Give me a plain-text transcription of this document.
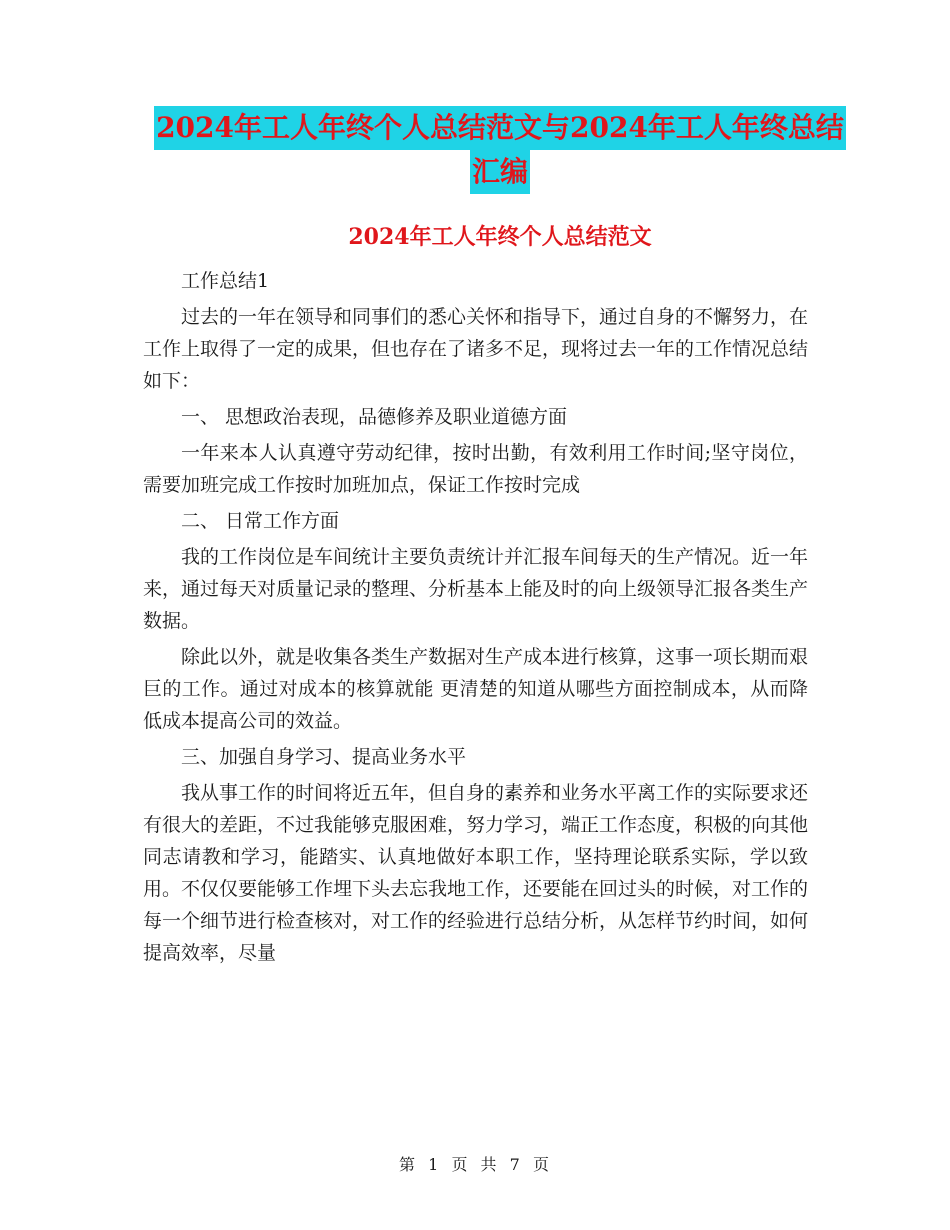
2024年工人年终个人总结范文与2024年工人年终总结
汇编
2024年工人年终个人总结范文

工作总结1

过去的一年在领导和同事们的悉心关怀和指导下，通过自身的不懈努力，在工作上取得了一定的成果，但也存在了诸多不足，现将过去一年的工作情况总结如下：

一、 思想政治表现，品德修养及职业道德方面

一年来本人认真遵守劳动纪律，按时出勤，有效利用工作时间;坚守岗位，需要加班完成工作按时加班加点，保证工作按时完成

二、 日常工作方面

我的工作岗位是车间统计主要负责统计并汇报车间每天的生产情况。近一年来，通过每天对质量记录的整理、分析基本上能及时的向上级领导汇报各类生产数据。

除此以外，就是收集各类生产数据对生产成本进行核算，这事一项长期而艰巨的工作。通过对成本的核算就能 更清楚的知道从哪些方面控制成本，从而降低成本提高公司的效益。

三、加强自身学习、提高业务水平

我从事工作的时间将近五年，但自身的素养和业务水平离工作的实际要求还有很大的差距，不过我能够克服困难，努力学习，端正工作态度，积极的向其他同志请教和学习，能踏实、认真地做好本职工作，坚持理论联系实际，学以致用。不仅仅要能够工作埋下头去忘我地工作，还要能在回过头的时候，对工作的每一个细节进行检查核对，对工作的经验进行总结分析，从怎样节约时间，如何提高效率，尽量

第 1 页 共 7 页
